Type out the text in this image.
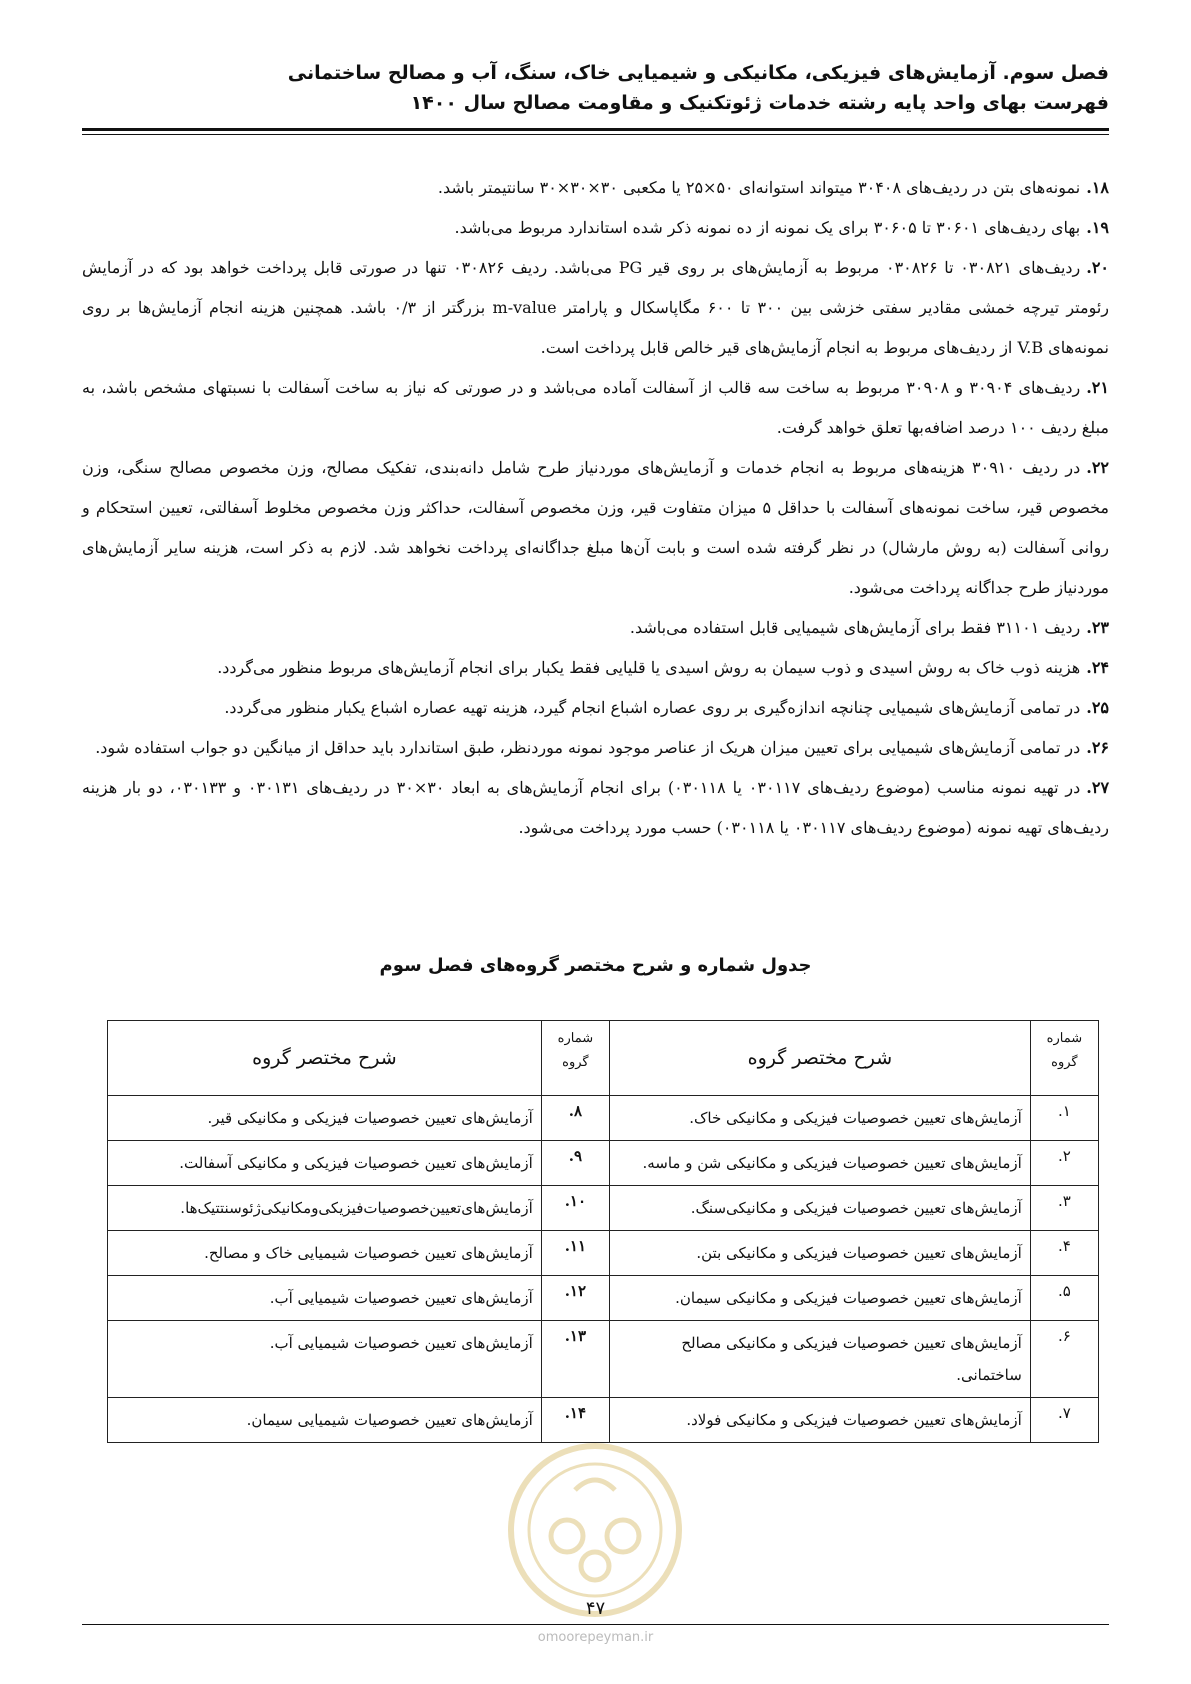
فصل سوم. آزمایش‌های فیزیکی، مکانیکی و شیمیایی خاک، سنگ، آب و مصالح ساختمانی
فهرست بهای واحد پایه رشته خدمات ژئوتکنیک و مقاومت مصالح سال ۱۴۰۰

۱۸.نمونه‌های بتن در ردیف‌های ۳۰۴۰۸ میتواند استوانه‌ای ۵۰×۲۵ یا مکعبی ۳۰×۳۰×۳۰ سانتیمتر باشد.

۱۹.بهای ردیف‌های ۳۰۶۰۱ تا ۳۰۶۰۵ برای یک نمونه از ده نمونه ذکر شده استاندارد مربوط می‌باشد.

۲۰.ردیف‌های ۰۳۰۸۲۱ تا ۰۳۰۸۲۶ مربوط به آزمایش‌های بر روی قیر PG می‌باشد. ردیف ۰۳۰۸۲۶ تنها در صورتی قابل پرداخت خواهد بود که در آزمایش رئومتر تیرچه خمشی مقادیر سفتی خزشی بین ۳۰۰ تا ۶۰۰ مگاپاسکال و پارامتر m-value بزرگتر از ۰/۳ باشد. همچنین هزینه انجام آزمایش‌ها بر روی نمونه‌های V.B از ردیف‌های مربوط به انجام آزمایش‌های قیر خالص قابل پرداخت است.

۲۱.ردیف‌های ۳۰۹۰۴ و ۳۰۹۰۸ مربوط به ساخت سه قالب از آسفالت آماده می‌باشد و در صورتی که نیاز به ساخت آسفالت با نسبتهای مشخص باشد، به مبلغ ردیف ۱۰۰ درصد اضافه‌بها تعلق خواهد گرفت.

۲۲.در ردیف ۳۰۹۱۰ هزینه‌های مربوط به انجام خدمات و آزمایش‌های موردنیاز طرح شامل دانه‌بندی، تفکیک مصالح، وزن مخصوص مصالح سنگی، وزن مخصوص قیر، ساخت نمونه‌های آسفالت با حداقل ۵ میزان متفاوت قیر، وزن مخصوص آسفالت، حداکثر وزن مخصوص مخلوط آسفالتی، تعیین استحکام و روانی آسفالت (به روش مارشال) در نظر گرفته شده است و بابت آن‌ها مبلغ جداگانه‌ای پرداخت نخواهد شد. لازم به ذکر است، هزینه سایر آزمایش‌های موردنیاز طرح جداگانه پرداخت می‌شود.

۲۳.ردیف ۳۱۱۰۱ فقط برای آزمایش‌های شیمیایی قابل استفاده می‌باشد.

۲۴.هزینه ذوب خاک به روش اسیدی و ذوب سیمان به روش اسیدی یا قلیایی فقط یکبار برای انجام آزمایش‌های مربوط منظور می‌گردد.

۲۵.در تمامی آزمایش‌های شیمیایی چنانچه اندازه‌گیری بر روی عصاره اشباع انجام گیرد، هزینه تهیه عصاره اشباع یکبار منظور می‌گردد.

۲۶.در تمامی آزمایش‌های شیمیایی برای تعیین میزان هریک از عناصر موجود نمونه موردنظر، طبق استاندارد باید حداقل از میانگین دو جواب استفاده شود.

۲۷.در تهیه نمونه مناسب (موضوع ردیف‌های ۰۳۰۱۱۷ یا ۰۳۰۱۱۸) برای انجام آزمایش‌های به ابعاد ۳۰×۳۰ در ردیف‌های ۰۳۰۱۳۱ و ۰۳۰۱۳۳، دو بار هزینه ردیف‌های تهیه نمونه (موضوع ردیف‌های ۰۳۰۱۱۷ یا ۰۳۰۱۱۸) حسب مورد پرداخت می‌شود.

جدول شماره و شرح مختصر گروه‌های فصل سوم
شماره گروه	شرح مختصر گروه	شماره گروه	شرح مختصر گروه
۱.	آزمایش‌های تعیین خصوصیات فیزیکی و مکانیکی خاک.	۸.	آزمایش‌های تعیین خصوصیات فیزیکی و مکانیکی قیر.
۲.	آزمایش‌های تعیین خصوصیات فیزیکی و مکانیکی شن و ماسه.	۹.	آزمایش‌های تعیین خصوصیات فیزیکی و مکانیکی آسفالت.
۳.	آزمایش‌های تعیین خصوصیات فیزیکی و مکانیکی‌سنگ.	۱۰.	آزمایش‌های‌تعیین‌خصوصیات‌فیزیکی‌ومکانیکی‌ژئوسنتتیک‌ها.
۴.	آزمایش‌های تعیین خصوصیات فیزیکی و مکانیکی بتن.	۱۱.	آزمایش‌های تعیین خصوصیات شیمیایی خاک و مصالح.
۵.	آزمایش‌های تعیین خصوصیات فیزیکی و مکانیکی سیمان.	۱۲.	آزمایش‌های تعیین خصوصیات شیمیایی آب.
۶.	آزمایش‌های تعیین خصوصیات فیزیکی و مکانیکی مصالح ساختمانی.	۱۳.	آزمایش‌های تعیین خصوصیات شیمیایی آب.
۷.	آزمایش‌های تعیین خصوصیات فیزیکی و مکانیکی فولاد.	۱۴.	آزمایش‌های تعیین خصوصیات شیمیایی سیمان.
۴۷
omoorepeyman.ir
